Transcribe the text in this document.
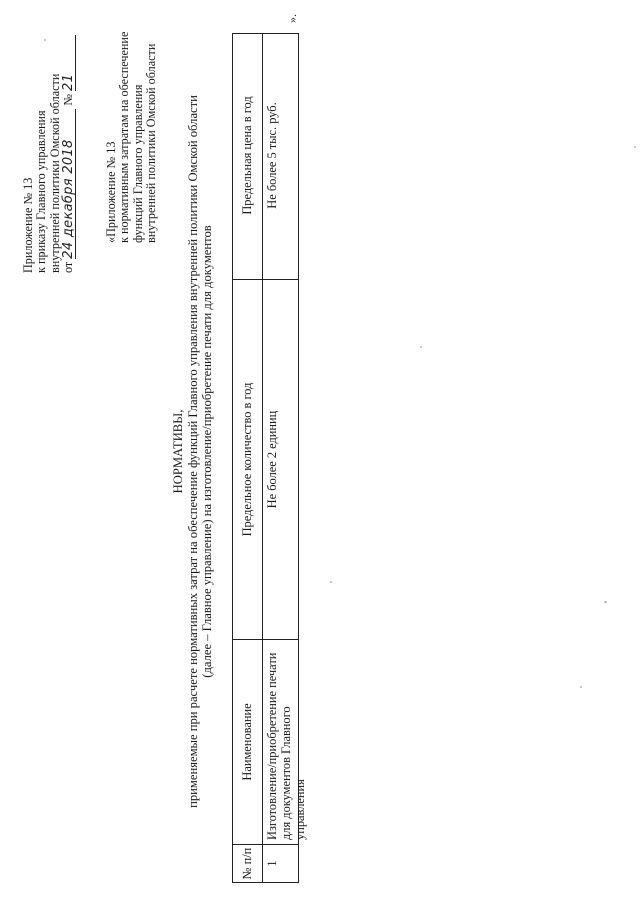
Приложение № 13 к приказу Главного управления внутренней политики Омской области от 24 декабря 2018 № 21
«Приложение № 13 к нормативным затратам на обеспечение функций Главного управления внутренней политики Омской области
НОРМАТИВЫ, применяемые при расчете нормативных затрат на обеспечение функций Главного управления внутренней политики Омской области (далее – Главное управление) на изготовление/приобретение печати для документов
№ п/п
Наименование
Предельное количество в год
Предельная цена в год
1
Изготовление/приобретение печати для документов Главного управления
Не более 2 единиц
Не более 5 тыс. руб.
».
